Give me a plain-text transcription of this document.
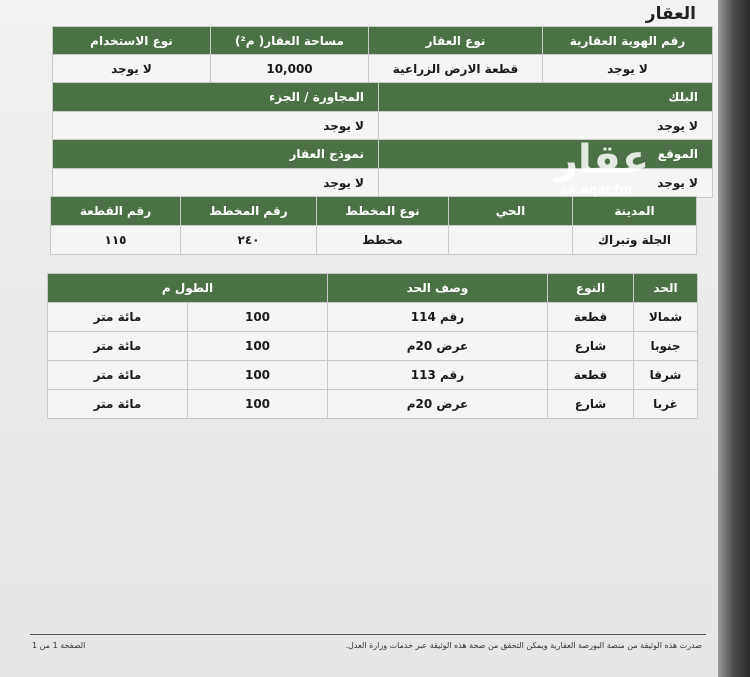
العقار
رقم الهوية العقارية	نوع العقار	مساحة العقار( م²)	نوع الاستخدام
لا يوجد	قطعة الارض الزراعية	10,000	لا يوجد
البلك	المجاورة / الجزء
لا يوجد	لا يوجد
الموقع	نموذج العقار
لا يوجد	لا يوجد
المدينة	الحي	نوع المخطط	رقم المخطط	رقم القطعة
الجلة وتبراك		مخطط	٢٤٠	١١٥
الحد	النوع	وصف الحد	الطول م	
شمالا	قطعة	رقم 114	100	مائة متر
جنوبا	شارع	عرض 20م	100	مائة متر
شرقا	قطعة	رقم 113	100	مائة متر
غربا	شارع	عرض 20م	100	مائة متر
عقار
sa.aqar.fm
صدرت هذه الوثيقة من منصة البورصة العقارية ويمكن التحقق من صحة هذه الوثيقة عبر خدمات وزارة العدل.
الصفحة 1 من 1
